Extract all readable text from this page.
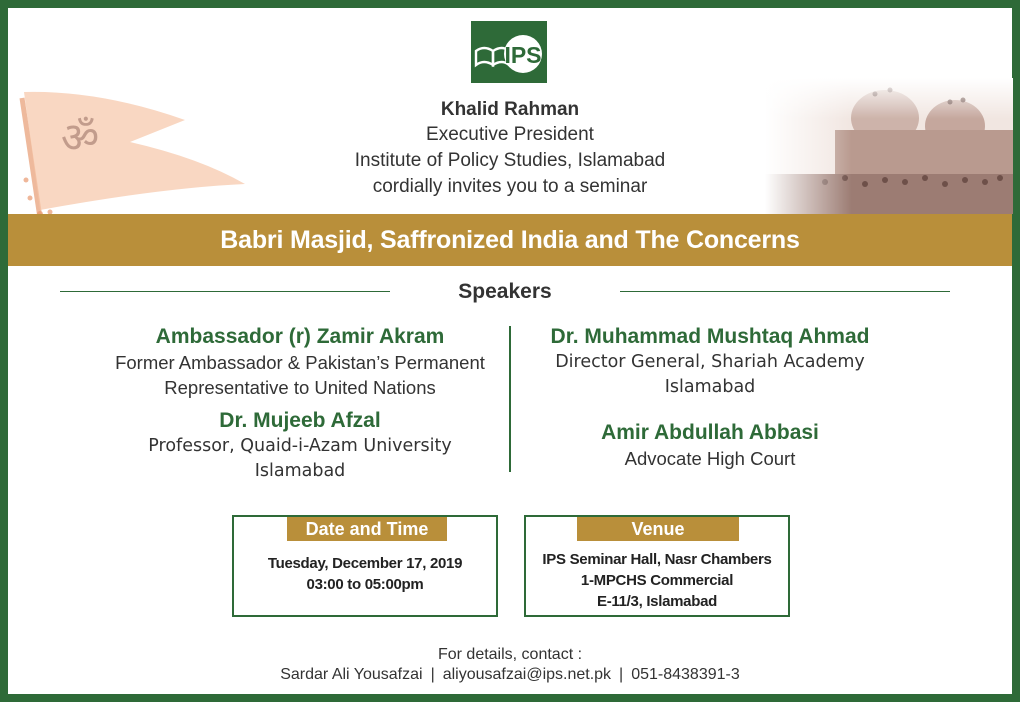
IPS
ॐ
Khalid Rahman
Executive President
Institute of Policy Studies, Islamabad
cordially invites you to a seminar
Babri Masjid, Saffronized India and The Concerns
Speakers
Ambassador (r) Zamir Akram
Former Ambassador & Pakistan’s Permanent
Representative to United Nations
Dr. Mujeeb Afzal
Professor, Quaid-i-Azam University
Islamabad
Dr. Muhammad Mushtaq Ahmad
Director General, Shariah Academy
Islamabad
Amir Abdullah Abbasi
Advocate High Court
Date and Time
Tuesday, December 17, 2019
03:00 to 05:00pm
Venue
IPS Seminar Hall, Nasr Chambers
1-MPCHS Commercial
E-11/3, Islamabad
For details, contact :
Sardar Ali Yousafzai | aliyousafzai@ips.net.pk | 051-8438391-3
